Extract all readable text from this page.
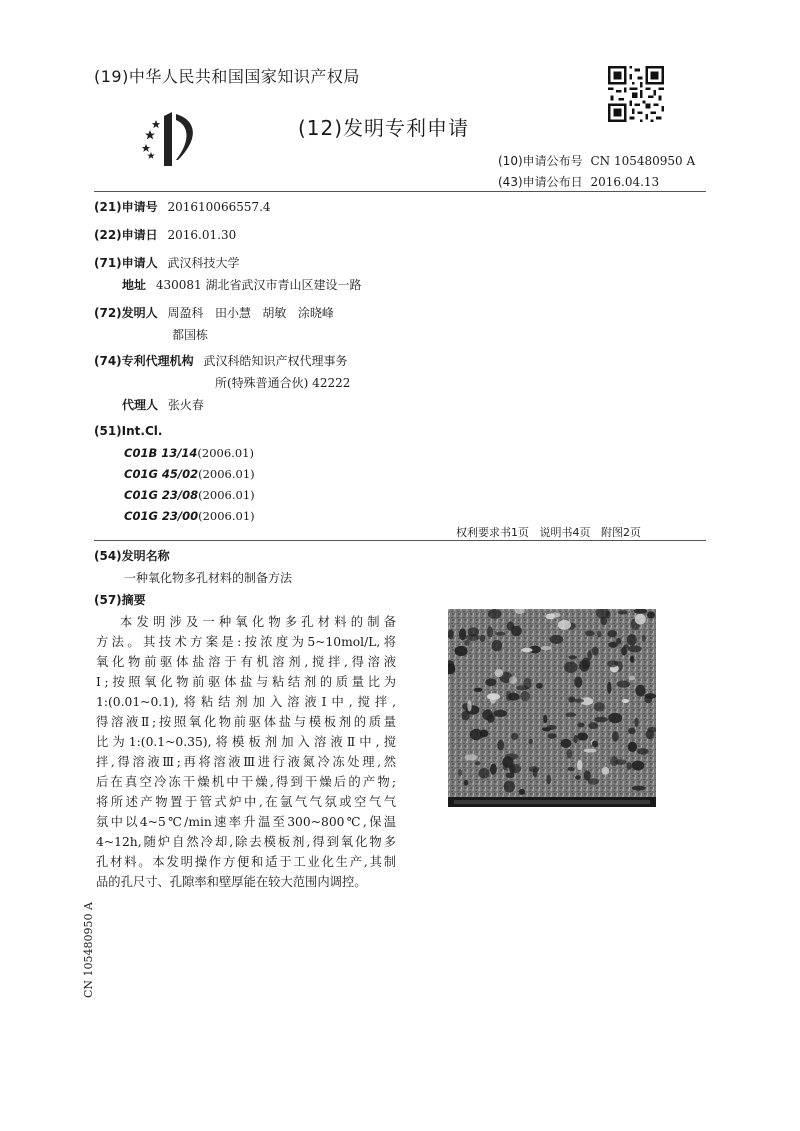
(19)中华人民共和国国家知识产权局
(12)发明专利申请
(10)申请公布号 CN 105480950 A
(43)申请公布日 2016.04.13
(21)申请号 201610066557.4
(22)申请日 2016.01.30
(71)申请人 武汉科技大学
地址 430081 湖北省武汉市青山区建设一路
(72)发明人 周盈科   田小慧   胡敏   涂晓峰
都国栋
(74)专利代理机构 武汉科皓知识产权代理事务
所(特殊普通合伙) 42222
代理人 张火春
(51)Int.Cl.
C01B 13/14(2006.01)
C01G 45/02(2006.01)
C01G 23/08(2006.01)
C01G 23/00(2006.01)
权利要求书1页   说明书4页   附图2页
(54)发明名称
一种氧化物多孔材料的制备方法
(57)摘要
本发明涉及一种氧化物多孔材料的制备
方法。其技术方案是:按浓度为5~10mol/L,将
氧化物前驱体盐溶于有机溶剂,搅拌,得溶液
Ⅰ;按照氧化物前驱体盐与粘结剂的质量比为
1:(0.01~0.1),将粘结剂加入溶液Ⅰ中,搅拌,
得溶液Ⅱ;按照氧化物前驱体盐与模板剂的质量
比为1:(0.1~0.35),将模板剂加入溶液Ⅱ中,搅
拌,得溶液Ⅲ;再将溶液Ⅲ进行液氮冷冻处理,然
后在真空冷冻干燥机中干燥,得到干燥后的产物;
将所述产物置于管式炉中,在氩气气氛或空气气
氛中以4~5℃/min速率升温至300~800℃,保温
4~12h,随炉自然冷却,除去模板剂,得到氧化物多
孔材料。本发明操作方便和适于工业化生产,其制
品的孔尺寸、孔隙率和壁厚能在较大范围内调控。
CN 105480950 A
